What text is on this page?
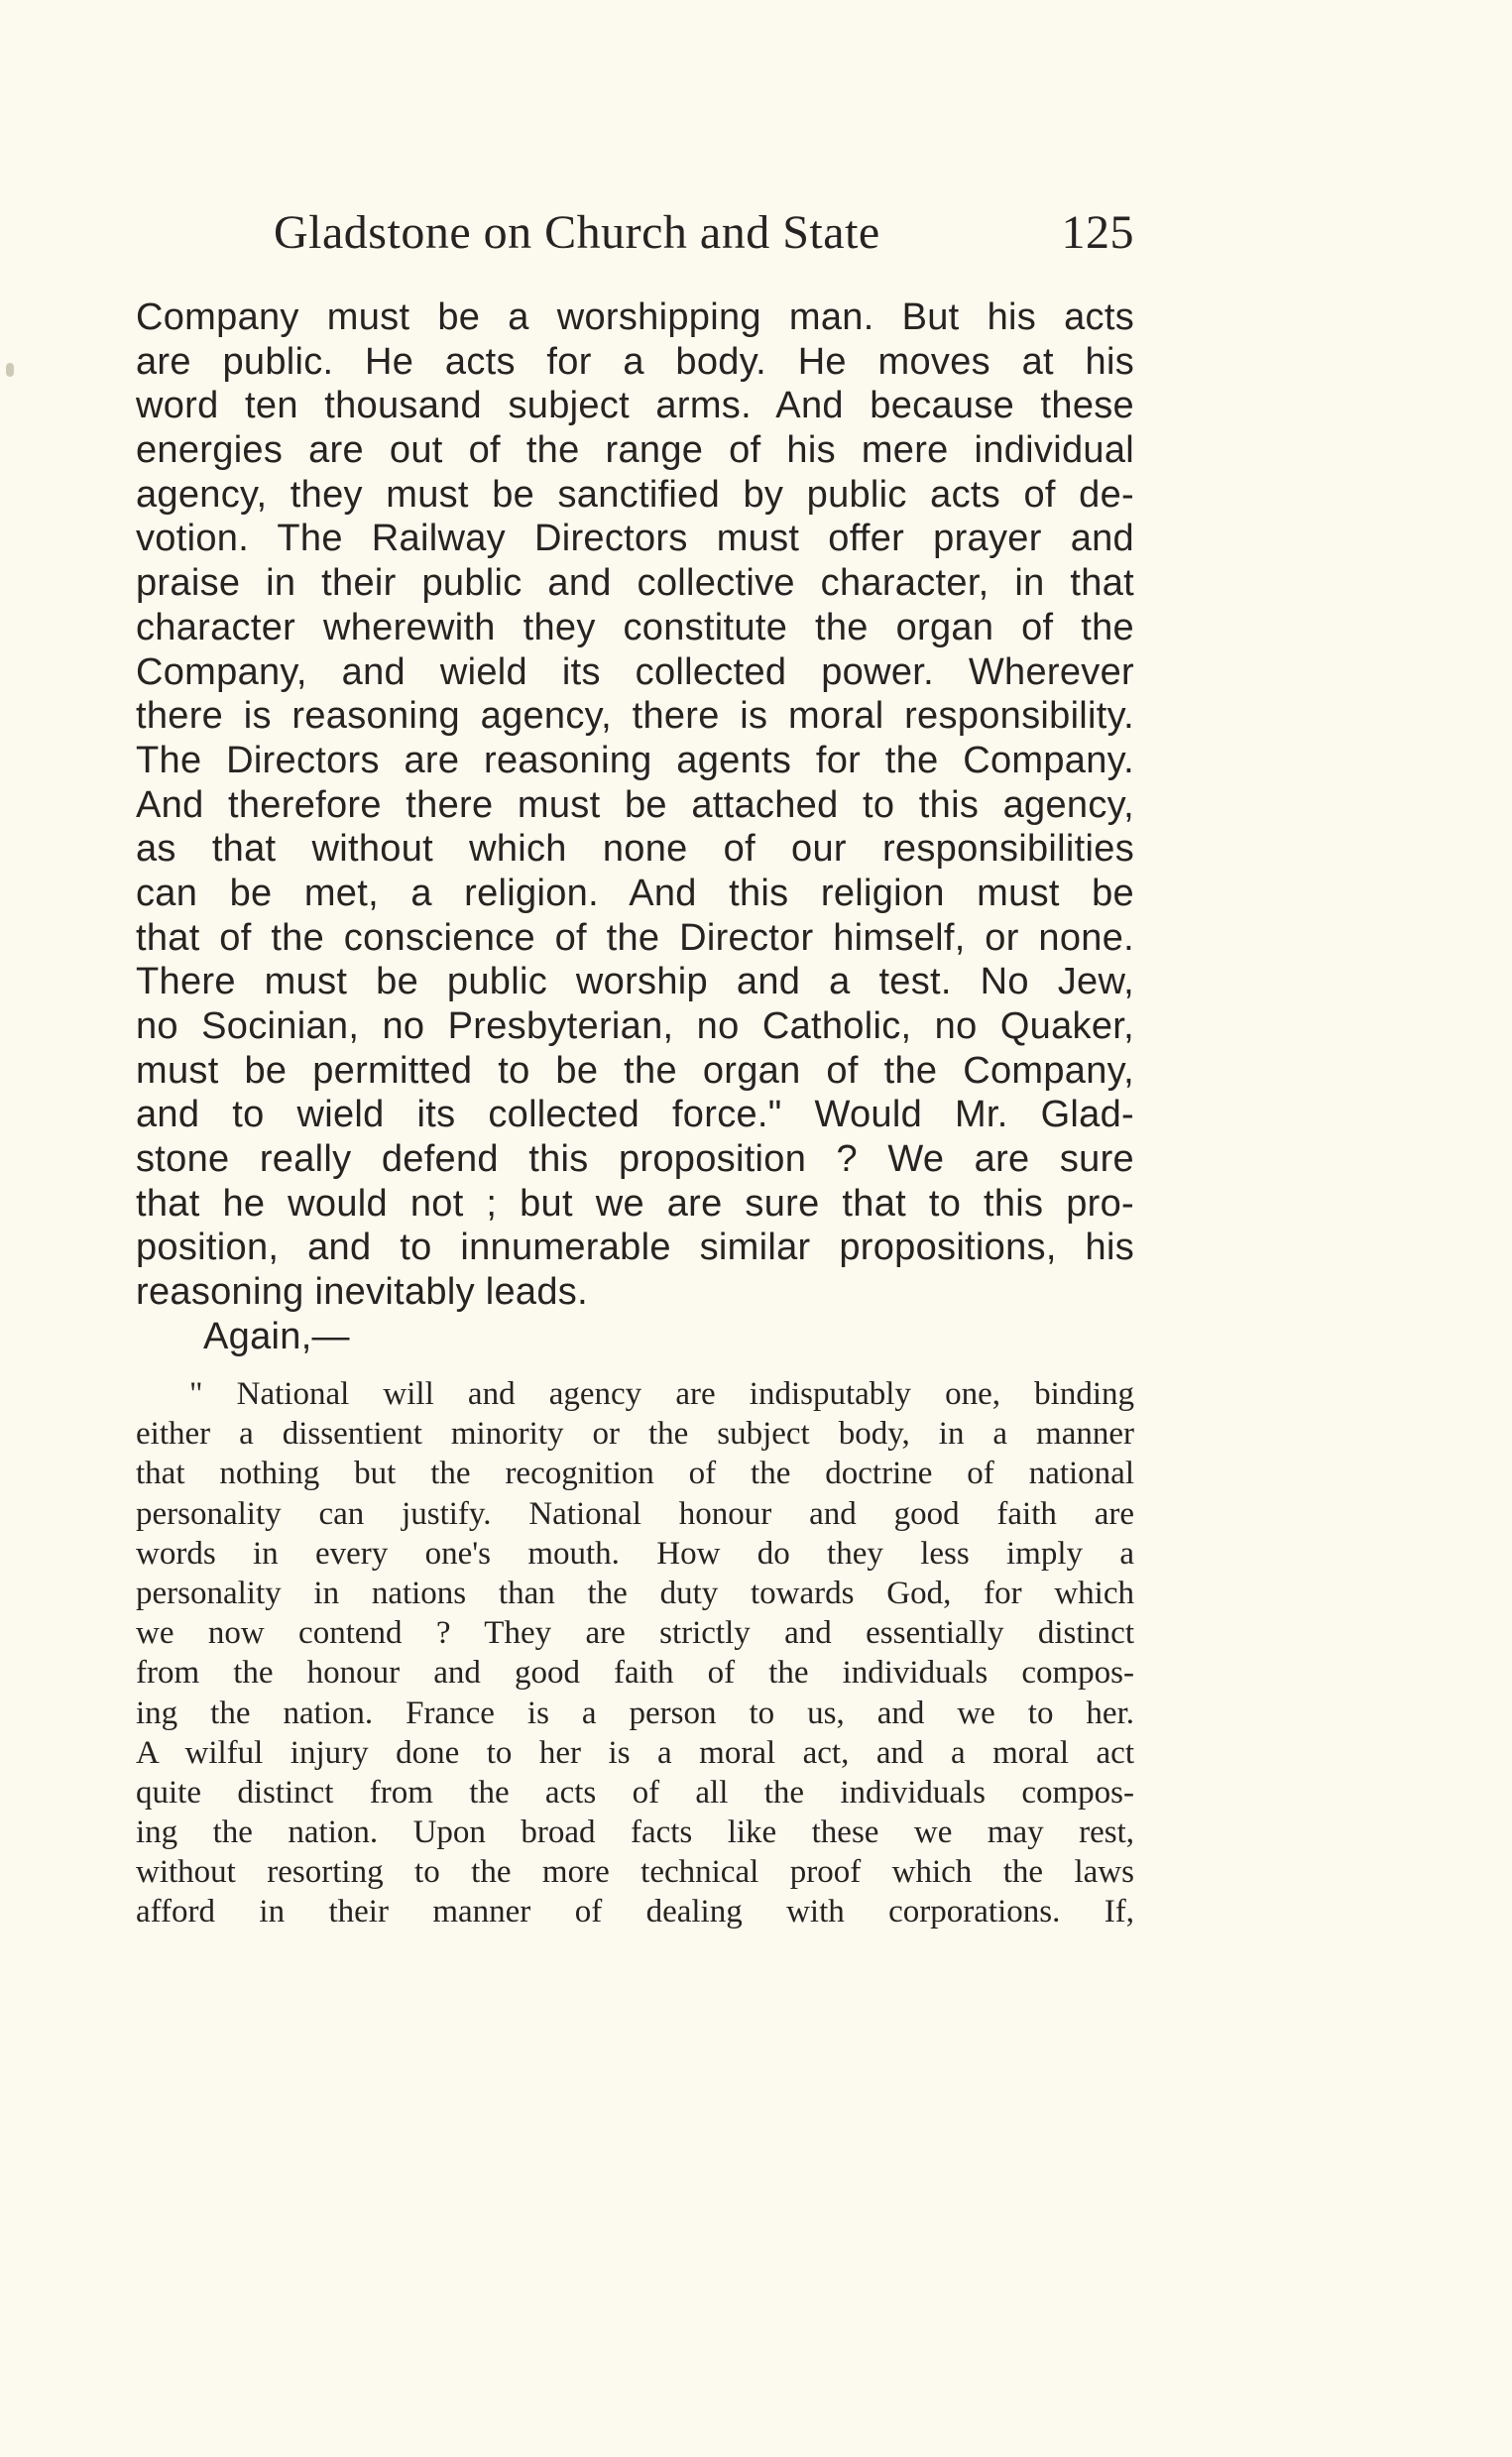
Gladstone on Church and State	125
Company must be a worshipping man. But his acts
are public. He acts for a body. He moves at his
word ten thousand subject arms. And because these
energies are out of the range of his mere individual
agency, they must be sanctified by public acts of de-
votion. The Railway Directors must offer prayer and
praise in their public and collective character, in that
character wherewith they constitute the organ of the
Company, and wield its collected power. Wherever
there is reasoning agency, there is moral responsibility.
The Directors are reasoning agents for the Company.
And therefore there must be attached to this agency,
as that without which none of our responsibilities
can be met, a religion. And this religion must be
that of the conscience of the Director himself, or none.
There must be public worship and a test. No Jew,
no Socinian, no Presbyterian, no Catholic, no Quaker,
must be permitted to be the organ of the Company,
and to wield its collected force." Would Mr. Glad-
stone really defend this proposition ? We are sure
that he would not ; but we are sure that to this pro-
position, and to innumerable similar propositions, his
reasoning inevitably leads.
Again,—
" National will and agency are indisputably one, binding
either a dissentient minority or the subject body, in a manner
that nothing but the recognition of the doctrine of national
personality can justify. National honour and good faith are
words in every one's mouth. How do they less imply a
personality in nations than the duty towards God, for which
we now contend ? They are strictly and essentially distinct
from the honour and good faith of the individuals compos-
ing the nation. France is a person to us, and we to her.
A wilful injury done to her is a moral act, and a moral act
quite distinct from the acts of all the individuals compos-
ing the nation. Upon broad facts like these we may rest,
without resorting to the more technical proof which the laws
afford in their manner of dealing with corporations. If,
